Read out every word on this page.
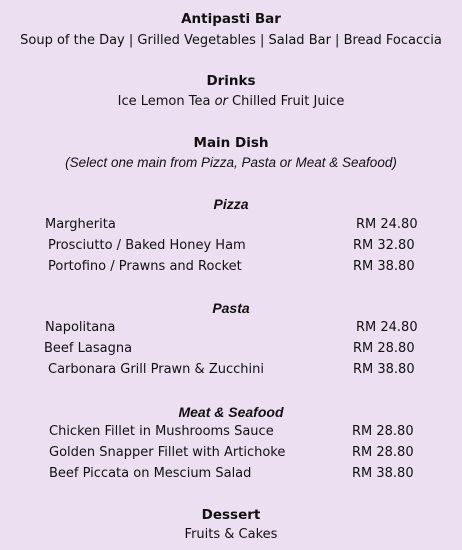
Antipasti Bar
Soup of the Day | Grilled Vegetables | Salad Bar | Bread Focaccia
Drinks
Ice Lemon Tea or Chilled Fruit Juice
Main Dish
(Select one main from Pizza, Pasta or Meat & Seafood)
Pizza
Margherita	RM 24.80
Prosciutto / Baked Honey Ham	RM 32.80
Portofino / Prawns and Rocket	RM 38.80
Pasta
Napolitana	RM 24.80
Beef Lasagna	RM 28.80
Carbonara Grill Prawn & Zucchini	RM 38.80
Meat & Seafood
Chicken Fillet in Mushrooms Sauce	RM 28.80
Golden Snapper Fillet with Artichoke	RM 28.80
Beef Piccata on Mescium Salad	RM 38.80
Dessert
Fruits & Cakes
